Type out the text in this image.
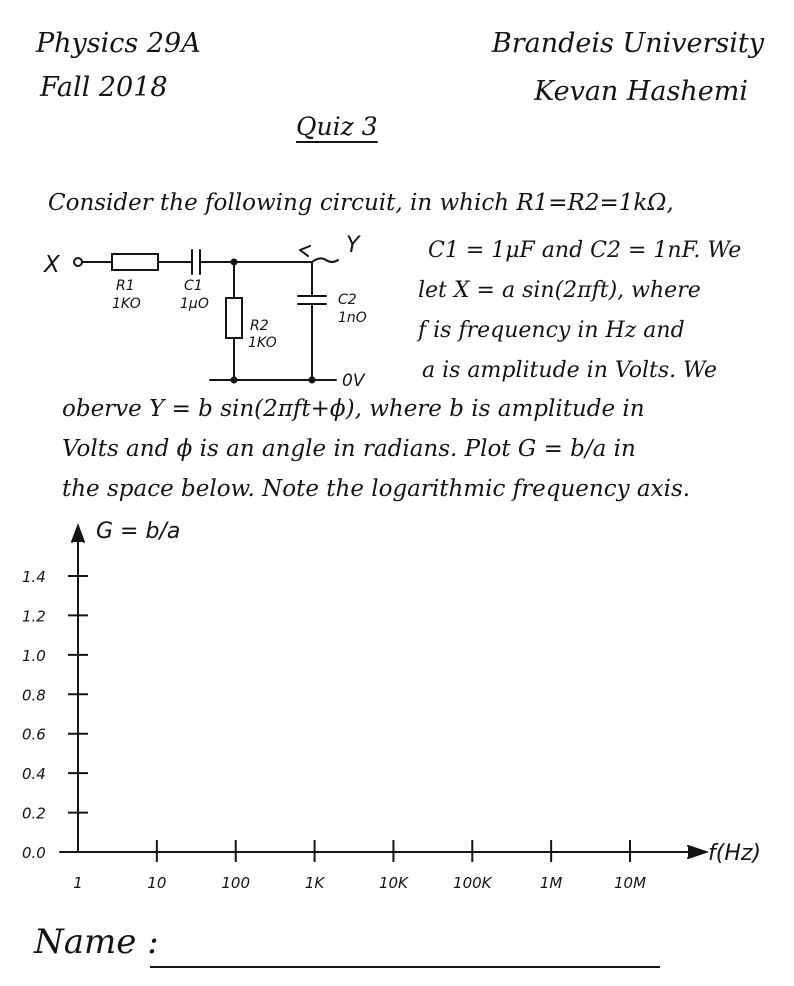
Physics 29A
Fall 2018
Brandeis University
Kevan Hashemi
Quiz 3
Consider the following circuit, in which R1=R2=1kΩ,
C1 = 1μF and C2 = 1nF. We
let X = a sin(2πft), where
f is frequency in Hz and
a is amplitude in Volts. We
oberve Y = b sin(2πft+ϕ), where b is amplitude in
Volts and ϕ is an angle in radians. Plot G = b/a in
the space below. Note the logarithmic frequency axis.
X
Y
0V
R1
1KO
C1
1μO
R2
1KO
C2
1nO
0.0
0.2
0.4
0.6
0.8
1.0
1.2
1.4
1	10	100	1K	10K	100K	1M	10M
G = b/a
f(Hz)
Name :
